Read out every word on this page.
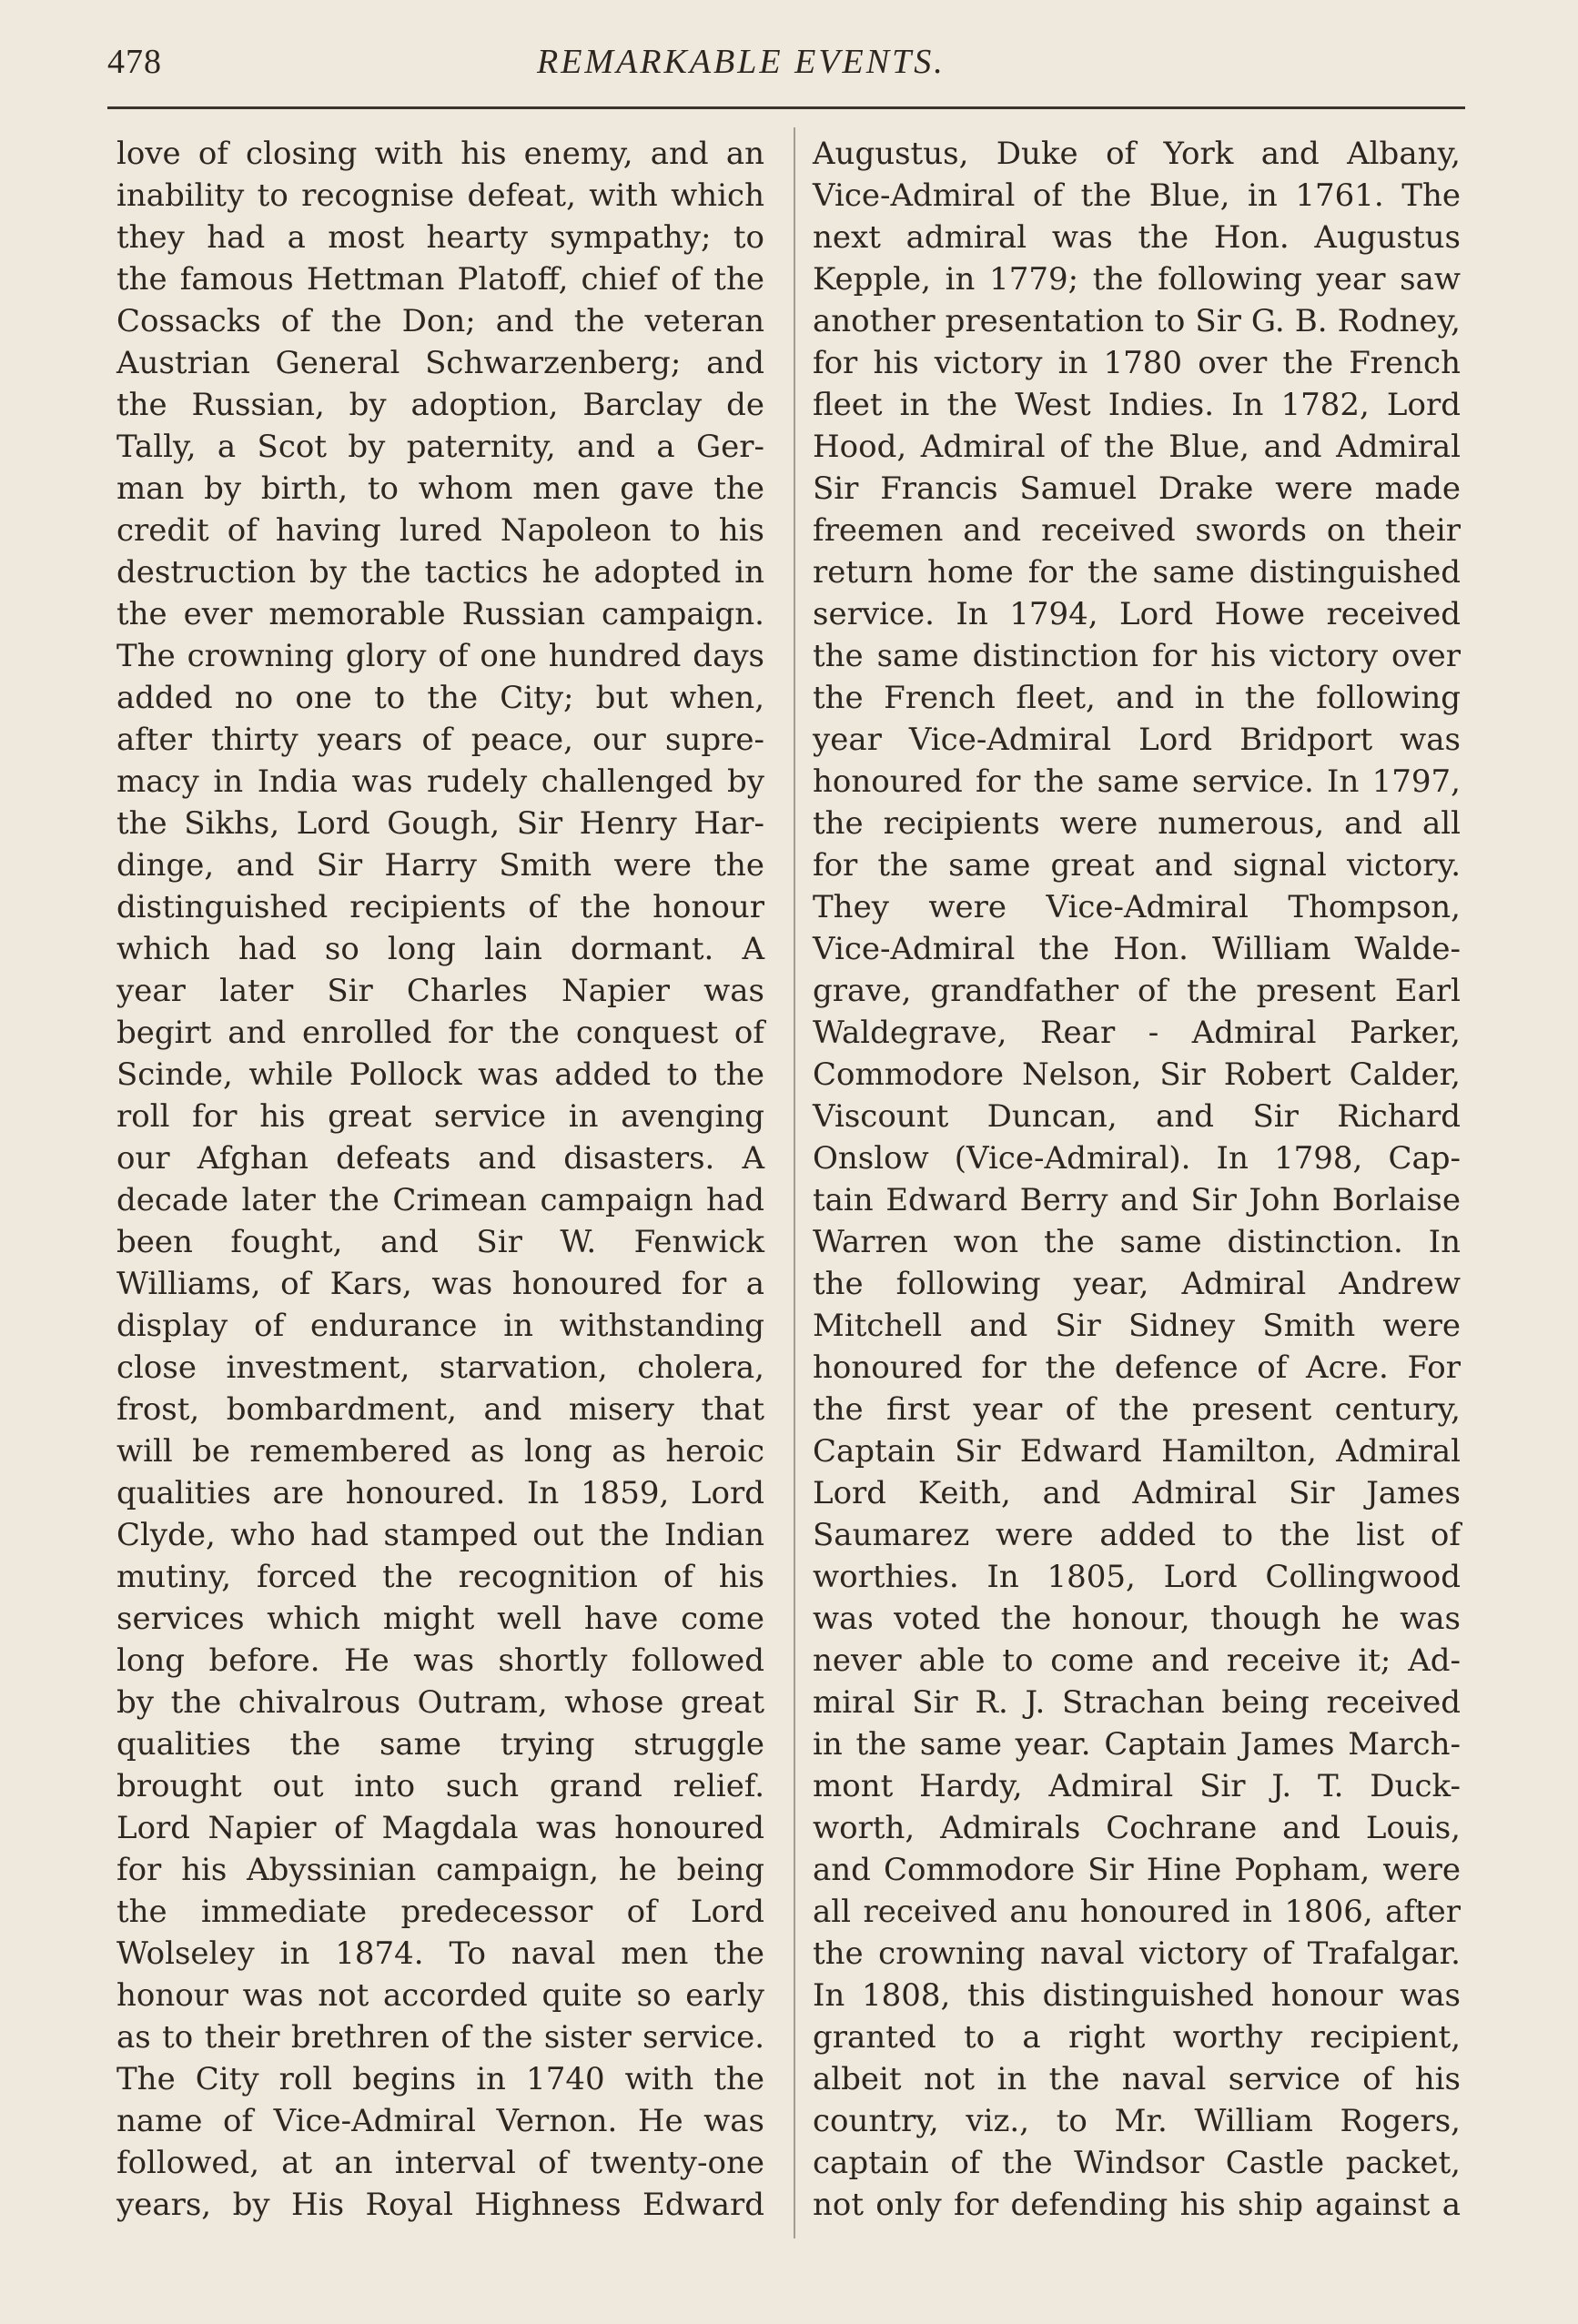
478	REMARKABLE EVENTS.
love of closing with his enemy, and an
inability to recognise defeat, with which
they had a most hearty sympathy; to
the famous Hettman Platoff, chief of the
Cossacks of the Don; and the veteran
Austrian General Schwarzenberg; and
the Russian, by adoption, Barclay de
Tally, a Scot by paternity, and a Ger-
man by birth, to whom men gave the
credit of having lured Napoleon to his
destruction by the tactics he adopted in
the ever memorable Russian campaign.
The crowning glory of one hundred days
added no one to the City; but when,
after thirty years of peace, our supre-
macy in India was rudely challenged by
the Sikhs, Lord Gough, Sir Henry Har-
dinge, and Sir Harry Smith were the
distinguished recipients of the honour
which had so long lain dormant. A
year later Sir Charles Napier was
begirt and enrolled for the conquest of
Scinde, while Pollock was added to the
roll for his great service in avenging
our Afghan defeats and disasters. A
decade later the Crimean campaign had
been fought, and Sir W. Fenwick
Williams, of Kars, was honoured for a
display of endurance in withstanding
close investment, starvation, cholera,
frost, bombardment, and misery that
will be remembered as long as heroic
qualities are honoured. In 1859, Lord
Clyde, who had stamped out the Indian
mutiny, forced the recognition of his
services which might well have come
long before. He was shortly followed
by the chivalrous Outram, whose great
qualities the same trying struggle
brought out into such grand relief.
Lord Napier of Magdala was honoured
for his Abyssinian campaign, he being
the immediate predecessor of Lord
Wolseley in 1874. To naval men the
honour was not accorded quite so early
as to their brethren of the sister service.
The City roll begins in 1740 with the
name of Vice-Admiral Vernon. He was
followed, at an interval of twenty-one
years, by His Royal Highness Edward
Augustus, Duke of York and Albany,
Vice-Admiral of the Blue, in 1761. The
next admiral was the Hon. Augustus
Kepple, in 1779; the following year saw
another presentation to Sir G. B. Rodney,
for his victory in 1780 over the French
fleet in the West Indies. In 1782, Lord
Hood, Admiral of the Blue, and Admiral
Sir Francis Samuel Drake were made
freemen and received swords on their
return home for the same distinguished
service. In 1794, Lord Howe received
the same distinction for his victory over
the French fleet, and in the following
year Vice-Admiral Lord Bridport was
honoured for the same service. In 1797,
the recipients were numerous, and all
for the same great and signal victory.
They were Vice-Admiral Thompson,
Vice-Admiral the Hon. William Walde-
grave, grandfather of the present Earl
Waldegrave, Rear - Admiral Parker,
Commodore Nelson, Sir Robert Calder,
Viscount Duncan, and Sir Richard
Onslow (Vice-Admiral). In 1798, Cap-
tain Edward Berry and Sir John Borlaise
Warren won the same distinction. In
the following year, Admiral Andrew
Mitchell and Sir Sidney Smith were
honoured for the defence of Acre. For
the first year of the present century,
Captain Sir Edward Hamilton, Admiral
Lord Keith, and Admiral Sir James
Saumarez were added to the list of
worthies. In 1805, Lord Collingwood
was voted the honour, though he was
never able to come and receive it; Ad-
miral Sir R. J. Strachan being received
in the same year. Captain James March-
mont Hardy, Admiral Sir J. T. Duck-
worth, Admirals Cochrane and Louis,
and Commodore Sir Hine Popham, were
all received anu honoured in 1806, after
the crowning naval victory of Trafalgar.
In 1808, this distinguished honour was
granted to a right worthy recipient,
albeit not in the naval service of his
country, viz., to Mr. William Rogers,
captain of the Windsor Castle packet,
not only for defending his ship against a
